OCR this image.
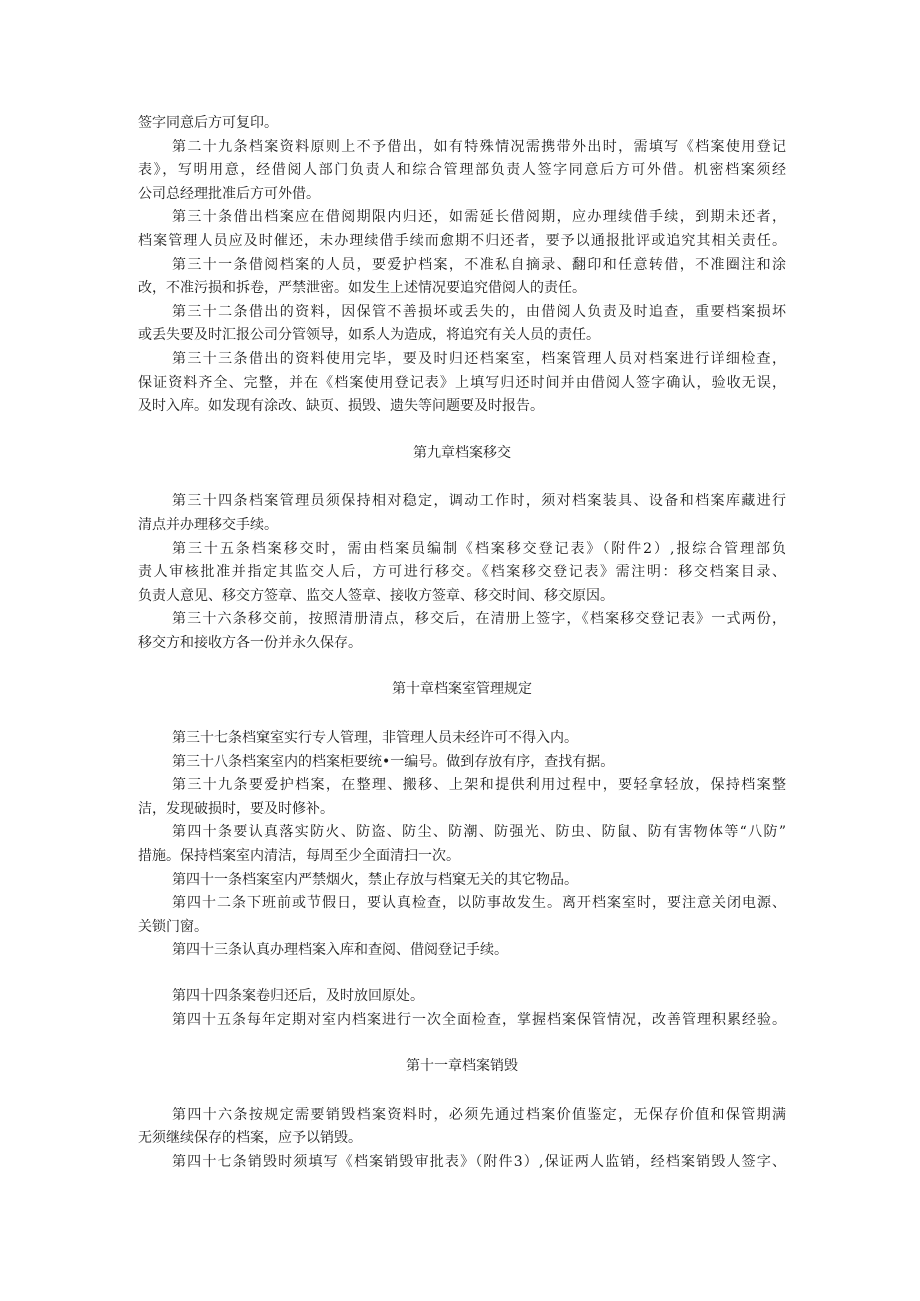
签字同意后方可复印。
第二十九条档案资料原则上不予借出，如有特殊情况需携带外出时，需填写《档案使用登记
表》，写明用意，经借阅人部门负责人和综合管理部负责人签字同意后方可外借。机密档案须经
公司总经理批准后方可外借。
第三十条借出档案应在借阅期限内归还，如需延长借阅期，应办理续借手续，到期未还者，
档案管理人员应及时催还，未办理续借手续而愈期不归还者，要予以通报批评或追究其相关责任。
第三十一条借阅档案的人员，要爱护档案，不准私自摘录、翻印和任意转借，不准圈注和涂
改，不准污损和拆卷，严禁泄密。如发生上述情况要追究借阅人的责任。
第三十二条借出的资料，因保管不善损坏或丢失的，由借阅人负责及时追查，重要档案损坏
或丢失要及时汇报公司分管领导，如系人为造成，将追究有关人员的责任。
第三十三条借出的资料使用完毕，要及时归还档案室，档案管理人员对档案进行详细检查，
保证资料齐全、完整，并在《档案使用登记表》上填写归还时间并由借阅人签字确认，验收无误，
及时入库。如发现有涂改、缺页、损毁、遗失等问题要及时报告。
第九章档案移交
第三十四条档案管理员须保持相对稳定，调动工作时，须对档案装具、设备和档案库藏进行
清点并办理移交手续。
第三十五条档案移交时，需由档案员编制《档案移交登记表》（附件2）,报综合管理部负
责人审核批准并指定其监交人后，方可进行移交。《档案移交登记表》需注明：移交档案目录、
负责人意见、移交方签章、监交人签章、接收方签章、移交时间、移交原因。
第三十六条移交前，按照清册清点，移交后，在清册上签字，《档案移交登记表》一式两份，
移交方和接收方各一份并永久保存。
第十章档案室管理规定
第三十七条档窠室实行专人管理，非管理人员未经许可不得入内。
第三十八条档案室内的档案柜要统•一编号。做到存放有序，查找有据。
第三十九条要爱护档案，在整理、搬移、上架和提供利用过程中，要轻拿轻放，保持档案整
洁，发现破损时，要及时修补。
第四十条要认真落实防火、防盗、防尘、防潮、防强光、防虫、防鼠、防有害物体等“八防”
措施。保持档案室内清洁，每周至少全面清扫一次。
第四十一条档案室内严禁烟火，禁止存放与档窠无关的其它物品。
第四十二条下班前或节假日，要认真检查，以防事故发生。离开档案室时，要注意关闭电源、
关锁门窗。
第四十三条认真办理档案入库和查阅、借阅登记手续。
第四十四条案卷归还后，及时放回原处。
第四十五条每年定期对室内档案进行一次全面检查，掌握档案保管情况，改善管理积累经验。
第十一章档案销毁
第四十六条按规定需要销毁档案资料时，必须先通过档案价值鉴定，无保存价值和保管期满
无须继续保存的档案，应予以销毁。
第四十七条销毁时须填写《档案销毁审批表》（附件3）,保证两人监销，经档案销毁人签字、
